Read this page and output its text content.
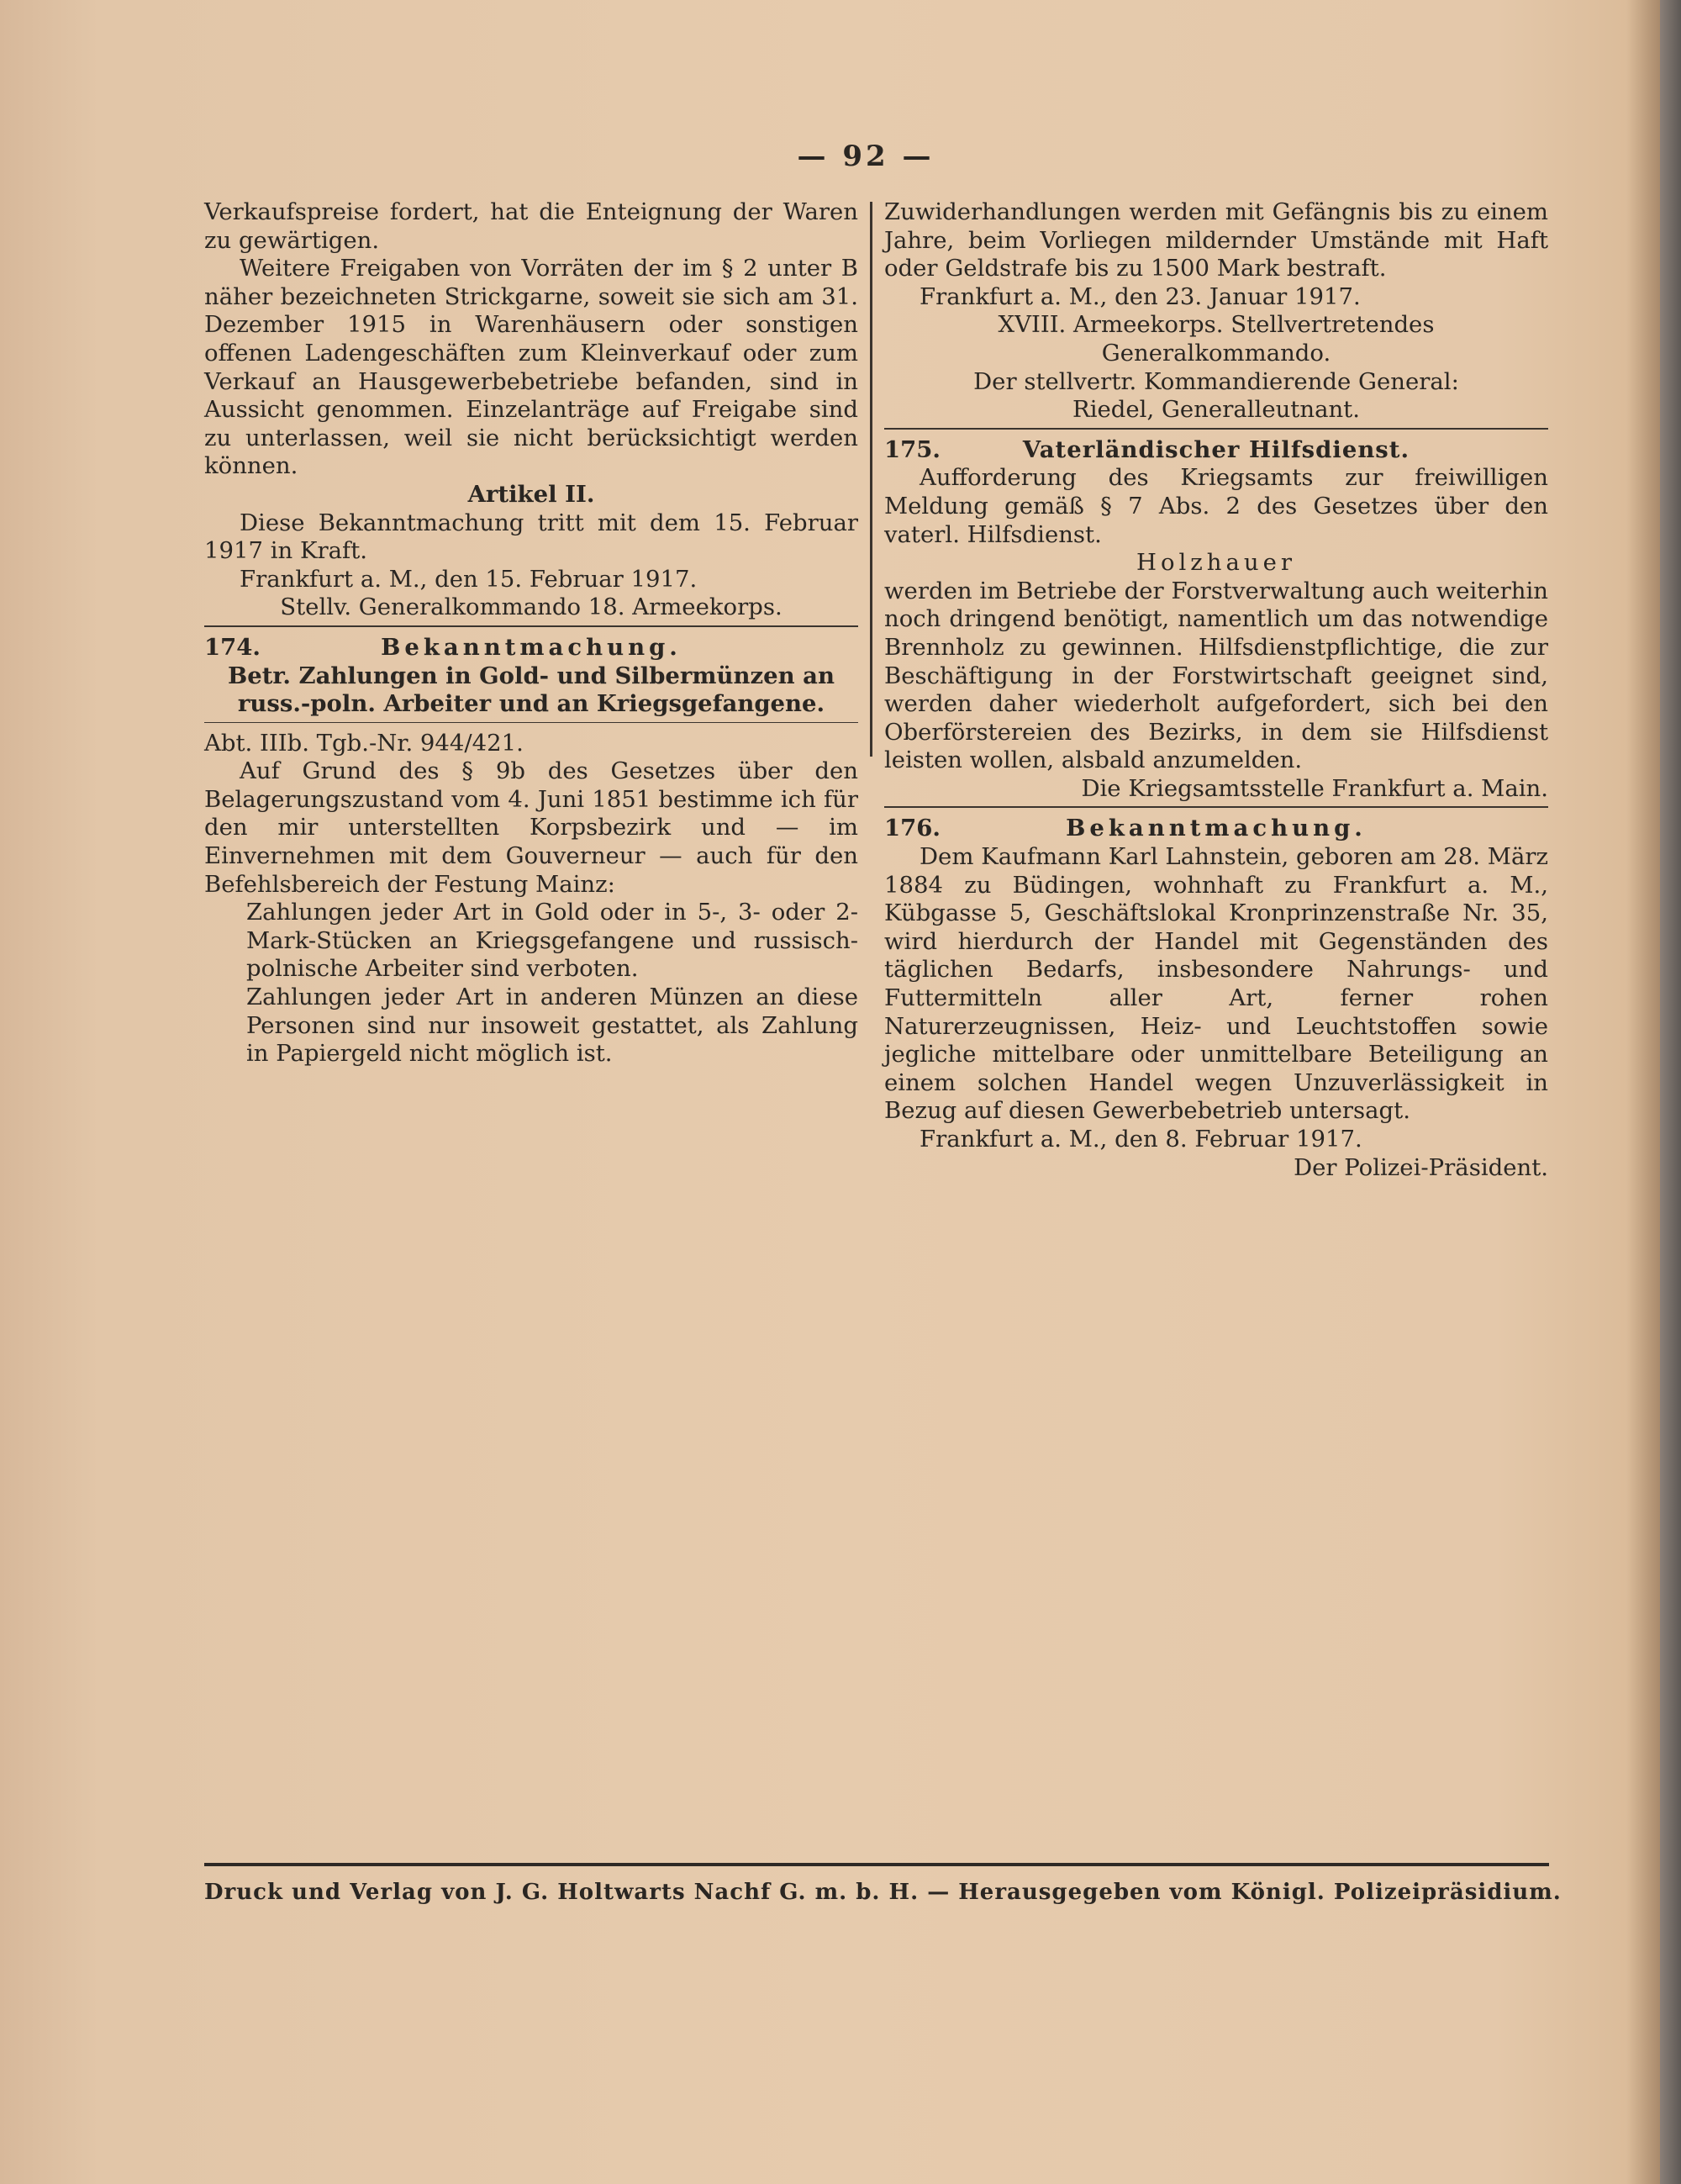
— 92 —

Verkaufspreise fordert, hat die Enteignung der Waren zu gewärtigen.

Weitere Freigaben von Vorräten der im § 2 unter B näher bezeichneten Strickgarne, soweit sie sich am 31. Dezember 1915 in Warenhäusern oder sonstigen offenen Ladengeschäften zum Kleinverkauf oder zum Verkauf an Hausgewerbebetriebe befanden, sind in Aussicht genommen. Einzelanträge auf Freigabe sind zu unterlassen, weil sie nicht berücksichtigt werden können.

Artikel II.

Diese Bekanntmachung tritt mit dem 15. Februar 1917 in Kraft.

Frankfurt a. M., den 15. Februar 1917.

Stellv. Generalkommando 18. Armeekorps.

174.	Bekanntmachung.

Betr. Zahlungen in Gold- und Silbermünzen an russ.-poln. Arbeiter und an Kriegsgefangene.

Abt. IIIb. Tgb.-Nr. 944/421.

Auf Grund des § 9b des Gesetzes über den Belagerungszustand vom 4. Juni 1851 bestimme ich für den mir unterstellten Korpsbezirk und — im Einvernehmen mit dem Gouverneur — auch für den Befehlsbereich der Festung Mainz:

Zahlungen jeder Art in Gold oder in 5-, 3- oder 2-Mark-Stücken an Kriegsgefangene und russisch-polnische Arbeiter sind verboten.

Zahlungen jeder Art in anderen Münzen an diese Personen sind nur insoweit gestattet, als Zahlung in Papiergeld nicht möglich ist.

Zuwiderhandlungen werden mit Gefängnis bis zu einem Jahre, beim Vorliegen mildernder Umstände mit Haft oder Geldstrafe bis zu 1500 Mark bestraft.

Frankfurt a. M., den 23. Januar 1917.

XVIII. Armeekorps. Stellvertretendes Generalkommando.

Der stellvertr. Kommandierende General:

Riedel, Generalleutnant.

175.	Vaterländischer Hilfsdienst.

Aufforderung des Kriegsamts zur freiwilligen Meldung gemäß § 7 Abs. 2 des Gesetzes über den vaterl. Hilfsdienst.

Holzhauer

werden im Betriebe der Forstverwaltung auch weiterhin noch dringend benötigt, namentlich um das notwendige Brennholz zu gewinnen. Hilfsdienstpflichtige, die zur Beschäftigung in der Forstwirtschaft geeignet sind, werden daher wiederholt aufgefordert, sich bei den Oberförstereien des Bezirks, in dem sie Hilfsdienst leisten wollen, alsbald anzumelden.

Die Kriegsamtsstelle Frankfurt a. Main.

176.	Bekanntmachung.

Dem Kaufmann Karl Lahnstein, geboren am 28. März 1884 zu Büdingen, wohnhaft zu Frankfurt a. M., Kübgasse 5, Geschäftslokal Kronprinzenstraße Nr. 35, wird hierdurch der Handel mit Gegenständen des täglichen Bedarfs, insbesondere Nahrungs- und Futtermitteln aller Art, ferner rohen Naturerzeugnissen, Heiz- und Leuchtstoffen sowie jegliche mittelbare oder unmittelbare Beteiligung an einem solchen Handel wegen Unzuverlässigkeit in Bezug auf diesen Gewerbebetrieb untersagt.

Frankfurt a. M., den 8. Februar 1917.

Der Polizei-Präsident.

Druck und Verlag von J. G. Holtwarts Nachf G. m. b. H. — Herausgegeben vom Königl. Polizeipräsidium.
